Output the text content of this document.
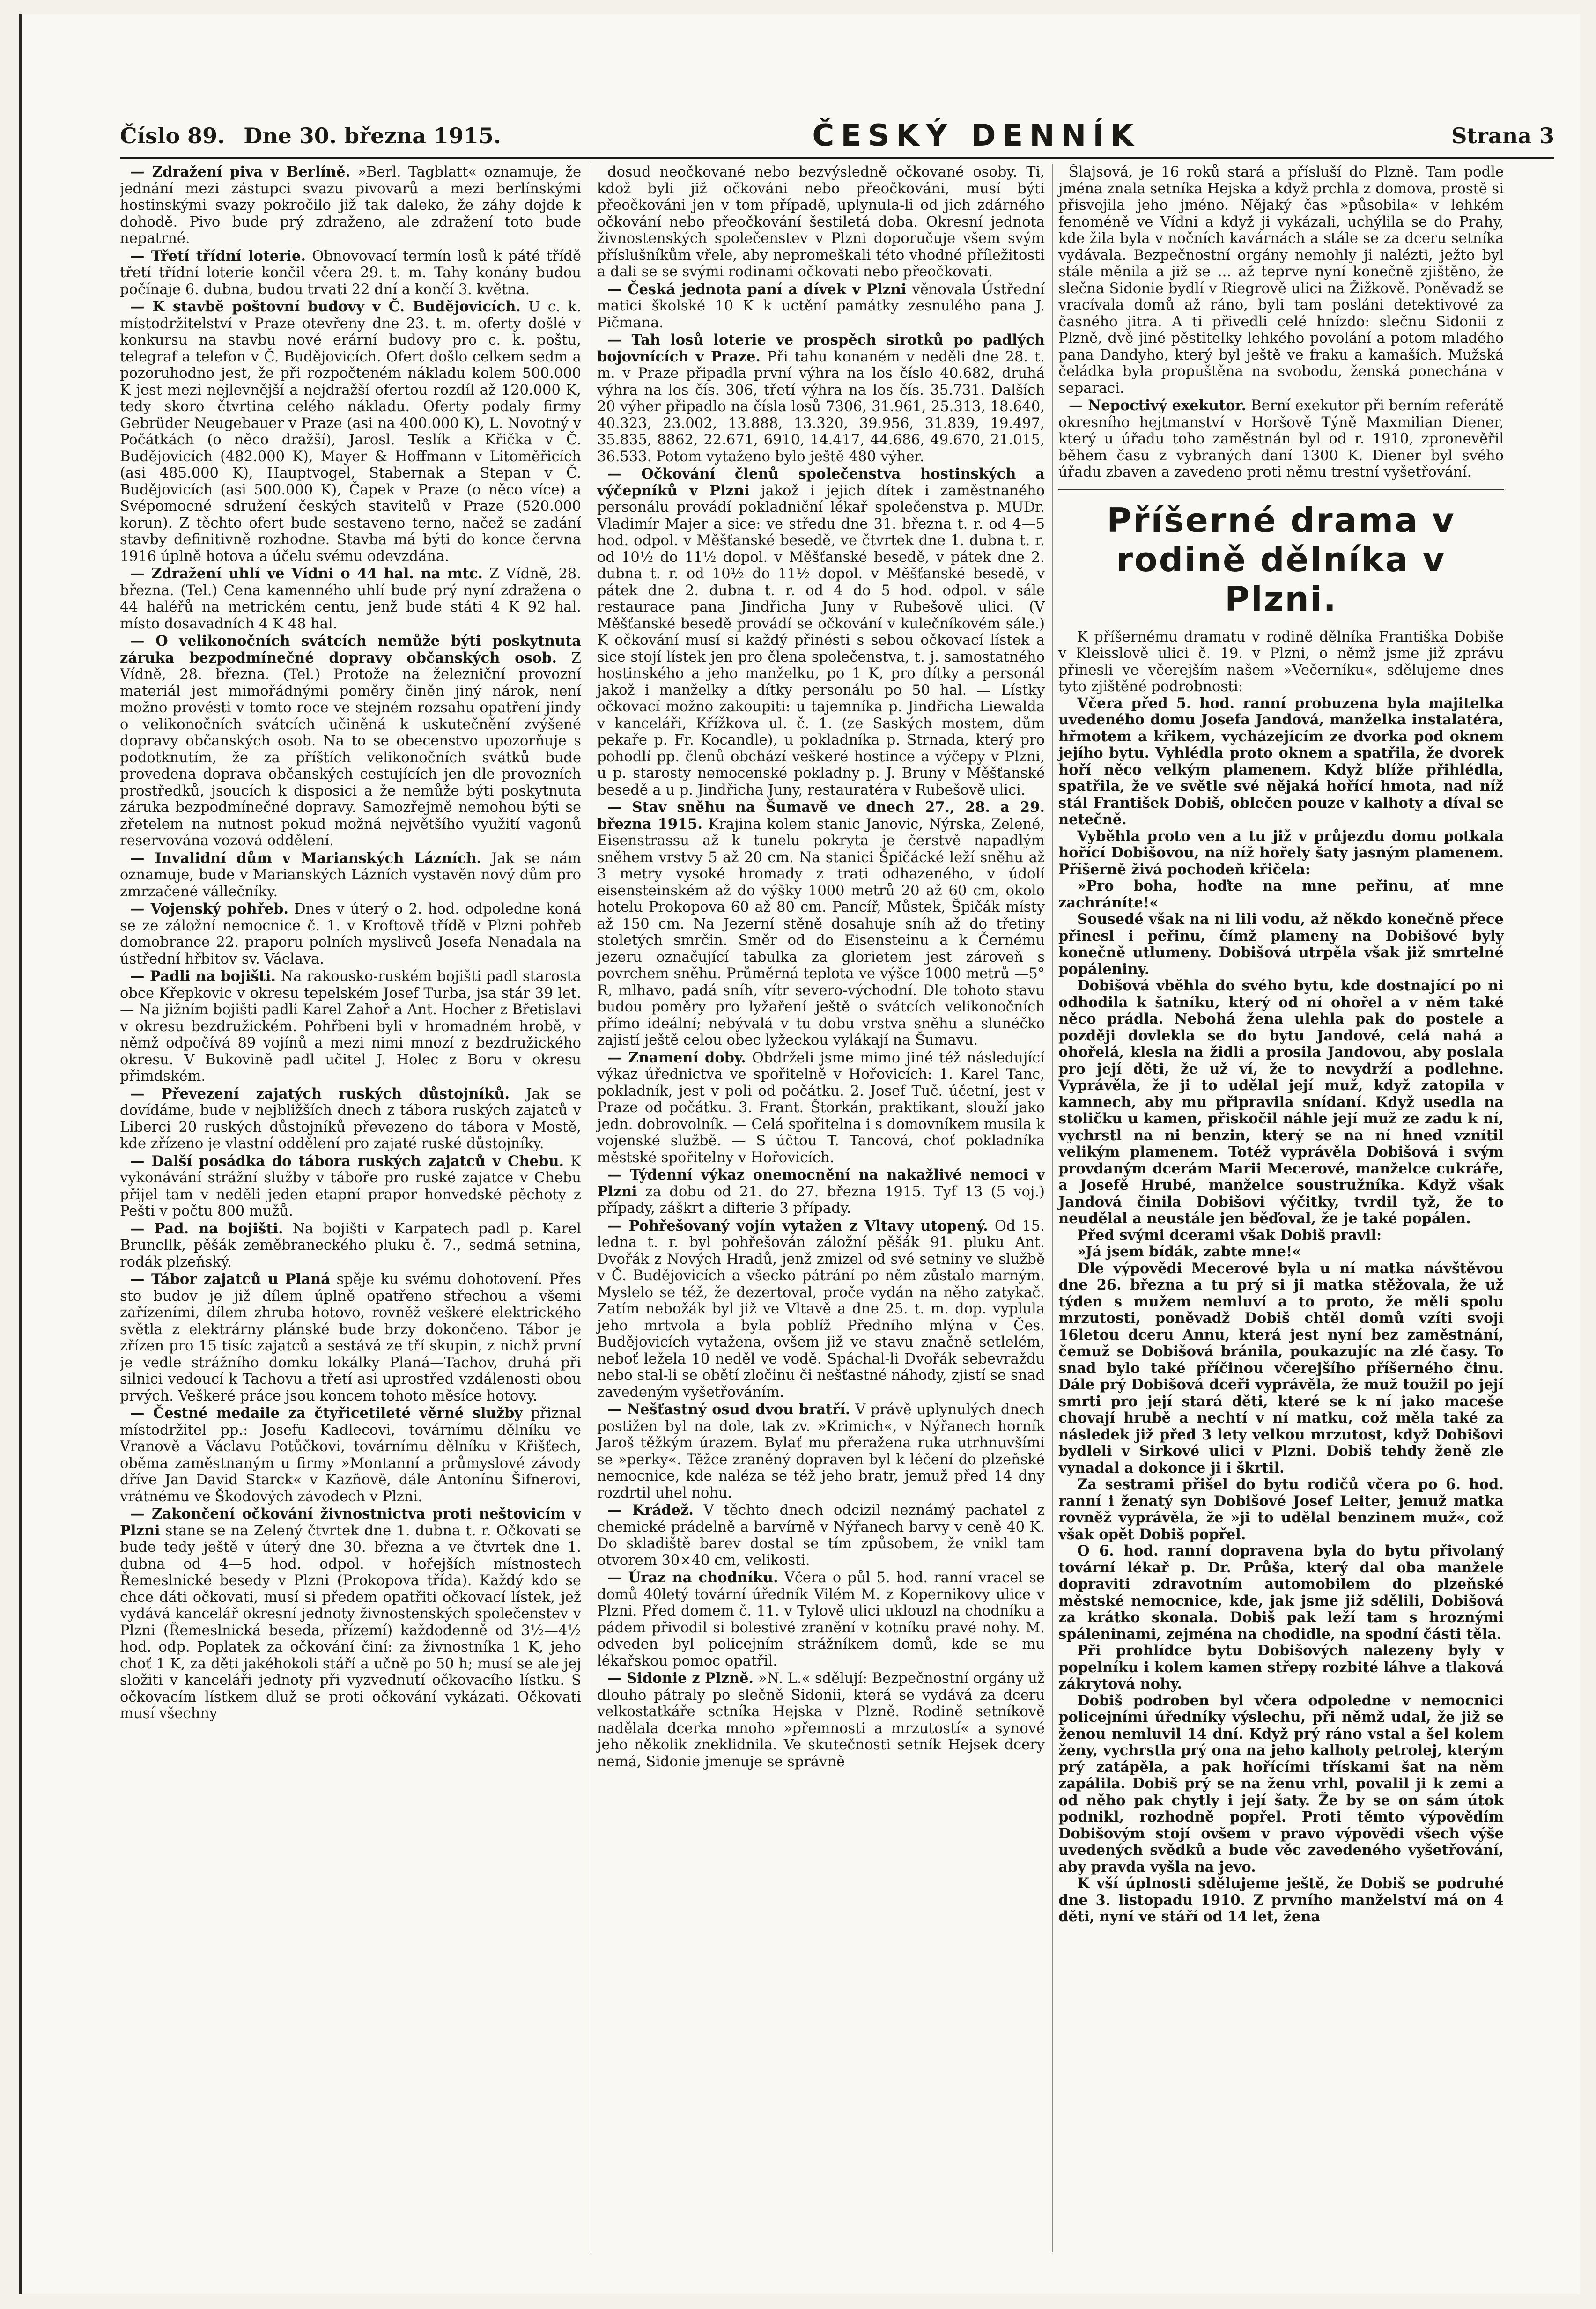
Číslo 89. Dne 30. března 1915.	ČESKÝ DENNÍK	Strana 3

— Zdražení piva v Berlíně. »Berl. Tagblatt« oznamuje, že jednání mezi zástupci svazu pivovarů a mezi berlínskými hostinskými svazy pokročilo již tak daleko, že záhy dojde k dohodě. Pivo bude prý zdraženo, ale zdražení toto bude nepatrné.

— Třetí třídní loterie. Obnovovací termín losů k páté třídě třetí třídní loterie končil včera 29. t. m. Tahy konány budou počínaje 6. dubna, budou trvati 22 dní a končí 3. května.

— K stavbě poštovní budovy v Č. Budějovicích. U c. k. místodržitelství v Praze otevřeny dne 23. t. m. oferty došlé v konkursu na stavbu nové erární budovy pro c. k. poštu, telegraf a telefon v Č. Budějovicích. Ofert došlo celkem sedm a pozoruhodno jest, že při rozpočteném nákladu kolem 500.000 K jest mezi nejlevnější a nejdražší ofertou rozdíl až 120.000 K, tedy skoro čtvrtina celého nákladu. Oferty podaly firmy Gebrüder Neugebauer v Praze (asi na 400.000 K), L. Novotný v Počátkách (o něco dražší), Jarosl. Teslík a Křička v Č. Budějovicích (482.000 K), Mayer & Hoffmann v Litoměřicích (asi 485.000 K), Hauptvogel, Stabernak a Stepan v Č. Budějovicích (asi 500.000 K), Čapek v Praze (o něco více) a Svépomocné sdružení českých stavitelů v Praze (520.000 korun). Z těchto ofert bude sestaveno terno, načež se zadání stavby definitivně rozhodne. Stavba má býti do konce června 1916 úplně hotova a účelu svému odevzdána.

— Zdražení uhlí ve Vídni o 44 hal. na mtc. Z Vídně, 28. března. (Tel.) Cena kamenného uhlí bude prý nyní zdražena o 44 haléřů na metrickém centu, jenž bude státi 4 K 92 hal. místo dosavadních 4 K 48 hal.

— O velikonočních svátcích nemůže býti poskytnuta záruka bezpodmínečné dopravy občanských osob. Z Vídně, 28. března. (Tel.) Protože na železniční provozní materiál jest mimořádnými poměry činěn jiný nárok, není možno provésti v tomto roce ve stejném rozsahu opatření jindy o velikonočních svátcích učiněná k uskutečnění zvýšené dopravy občanských osob. Na to se obecenstvo upozorňuje s podotknutím, že za příštích velikonočních svátků bude provedena doprava občanských cestujících jen dle provozních prostředků, jsoucích k disposici a že nemůže býti poskytnuta záruka bezpodmínečné dopravy. Samozřejmě nemohou býti se zřetelem na nutnost pokud možná největšího využití vagonů reservována vozová oddělení.

— Invalidní dům v Marianských Lázních. Jak se nám oznamuje, bude v Marianských Lázních vystavěn nový dům pro zmrzačené vállečníky.

— Vojenský pohřeb. Dnes v úterý o 2. hod. odpoledne koná se ze záložní nemocnice č. 1. v Kroftově třídě v Plzni pohřeb domobrance 22. praporu polních myslivců Josefa Nenadala na ústřední hřbitov sv. Václava.

— Padli na bojišti. Na rakousko-ruském bojišti padl starosta obce Křepkovic v okresu tepelském Josef Turba, jsa stár 39 let. — Na jižním bojišti padli Karel Zahoř a Ant. Hocher z Břetislavi v okresu bezdružickém. Pohřbeni byli v hromadném hrobě, v němž odpočívá 89 vojínů a mezi nimi mnozí z bezdružického okresu. V Bukovině padl učitel J. Holec z Boru v okresu přimdském.

— Převezení zajatých ruských důstojníků. Jak se dovídáme, bude v nejbližších dnech z tábora ruských zajatců v Liberci 20 ruských důstojníků převezeno do tábora v Mostě, kde zřízeno je vlastní oddělení pro zajaté ruské důstojníky.

— Další posádka do tábora ruských zajatců v Chebu. K vykonávání strážní služby v táboře pro ruské zajatce v Chebu přijel tam v neděli jeden etapní prapor honvedské pěchoty z Pešti v počtu 800 mužů.

— Pad. na bojišti. Na bojišti v Karpatech padl p. Karel Bruncllk, pěšák zeměbraneckého pluku č. 7., sedmá setnina, rodák plzeňský.

— Tábor zajatců u Planá spěje ku svému dohotovení. Přes sto budov je již dílem úplně opatřeno střechou a všemi zařízeními, dílem zhruba hotovo, rovněž veškeré elektrického světla z elektrárny plánské bude brzy dokončeno. Tábor je zřízen pro 15 tisíc zajatců a sestává ze tří skupin, z nichž první je vedle strážního domku lokálky Planá—Tachov, druhá při silnici vedoucí k Tachovu a třetí asi uprostřed vzdálenosti obou prvých. Veškeré práce jsou koncem tohoto měsíce hotovy.

— Čestné medaile za čtyřicetileté věrné služby přiznal místodržitel pp.: Josefu Kadlecovi, továrnímu dělníku ve Vranově a Václavu Potůčkovi, továrnímu dělníku v Křišťech, oběma zaměstnaným u firmy »Montanní a průmyslové závody dříve Jan David Starck« v Kazňově, dále Antonínu Šifnerovi, vrátnému ve Škodových závodech v Plzni.

— Zakončení očkování živnostnictva proti neštovicím v Plzni stane se na Zelený čtvrtek dne 1. dubna t. r. Očkovati se bude tedy ještě v úterý dne 30. března a ve čtvrtek dne 1. dubna od 4—5 hod. odpol. v hořejších místnostech Řemeslnické besedy v Plzni (Prokopova třída). Každý kdo se chce dáti očkovati, musí si předem opatřiti očkovací lístek, jež vydává kancelář okresní jednoty živnostenských společenstev v Plzni (Řemeslnická beseda, přízemí) každodenně od 3½—4½ hod. odp. Poplatek za očkování činí: za živnostníka 1 K, jeho choť 1 K, za děti jakéhokoli stáří a učně po 50 h; musí se ale jej složiti v kanceláři jednoty při vyzvednutí očkovacího lístku. S očkovacím lístkem dluž se proti očkování vykázati. Očkovati musí všechny

dosud neočkované nebo bezvýsledně očkované osoby. Ti, kdož byli již očkováni nebo přeočkováni, musí býti přeočkováni jen v tom případě, uplynula-li od jich zdárného očkování nebo přeočkování šestiletá doba. Okresní jednota živnostenských společenstev v Plzni doporučuje všem svým příslušníkům vřele, aby nepromeškali této vhodné příležitosti a dali se se svými rodinami očkovati nebo přeočkovati.

— Česká jednota paní a dívek v Plzni věnovala Ústřední matici školské 10 K k uctění památky zesnulého pana J. Pičmana.

— Tah losů loterie ve prospěch sirotků po padlých bojovnících v Praze. Při tahu konaném v neděli dne 28. t. m. v Praze připadla první výhra na los číslo 40.682, druhá výhra na los čís. 306, třetí výhra na los čís. 35.731. Dalších 20 výher připadlo na čísla losů 7306, 31.961, 25.313, 18.640, 40.323, 23.002, 13.888, 13.320, 39.956, 31.839, 19.497, 35.835, 8862, 22.671, 6910, 14.417, 44.686, 49.670, 21.015, 36.533. Potom vytaženo bylo ještě 480 výher.

— Očkování členů společenstva hostinských a výčepníků v Plzni jakož i jejich dítek i zaměstnaného personálu provádí pokladniční lékař společenstva p. MUDr. Vladimír Majer a sice: ve středu dne 31. března t. r. od 4—5 hod. odpol. v Měšťanské besedě, ve čtvrtek dne 1. dubna t. r. od 10½ do 11½ dopol. v Měšťanské besedě, v pátek dne 2. dubna t. r. od 10½ do 11½ dopol. v Měšťanské besedě, v pátek dne 2. dubna t. r. od 4 do 5 hod. odpol. v sále restaurace pana Jindřicha Juny v Rubešově ulici. (V Měšťanské besedě provádí se očkování v kulečníkovém sále.) K očkování musí si každý přinésti s sebou očkovací lístek a sice stojí lístek jen pro člena společenstva, t. j. samostatného hostinského a jeho manželku, po 1 K, pro dítky a personál jakož i manželky a dítky personálu po 50 hal. — Lístky očkovací možno zakoupiti: u tajemníka p. Jindřicha Liewalda v kanceláři, Křížkova ul. č. 1. (ze Saských mostem, dům pekaře p. Fr. Kocandle), u pokladníka p. Strnada, který pro pohodlí pp. členů obchází veškeré hostince a výčepy v Plzni, u p. starosty nemocenské pokladny p. J. Bruny v Měšťanské besedě a u p. Jindřicha Juny, restauratéra v Rubešově ulici.

— Stav sněhu na Šumavě ve dnech 27., 28. a 29. března 1915. Krajina kolem stanic Janovic, Nýrska, Zelené, Eisenstrassu až k tunelu pokryta je čerstvě napadlým sněhem vrstvy 5 až 20 cm. Na stanici Špičácké leží sněhu až 3 metry vysoké hromady z trati odhazeného, v údolí eisensteinském až do výšky 1000 metrů 20 až 60 cm, okolo hotelu Prokopova 60 až 80 cm. Pancíř, Můstek, Špičák místy až 150 cm. Na Jezerní stěně dosahuje sníh až do třetiny stoletých smrčin. Směr od do Eisensteinu a k Černému jezeru označující tabulka za glorietem jest zároveň s povrchem sněhu. Průměrná teplota ve výšce 1000 metrů —5° R, mlhavo, padá sníh, vítr severo-východní. Dle tohoto stavu budou poměry pro lyžaření ještě o svátcích velikonočních přímo ideální; nebývalá v tu dobu vrstva sněhu a slunéčko zajistí ještě celou obec lyžeckou vylákají na Šumavu.

— Znamení doby. Obdrželi jsme mimo jiné též následující výkaz úřednictva ve spořitelně v Hořovicích: 1. Karel Tanc, pokladník, jest v poli od počátku. 2. Josef Tuč. účetní, jest v Praze od počátku. 3. Frant. Štorkán, praktikant, slouží jako jedn. dobrovolník. — Celá spořitelna i s domovníkem musila k vojenské službě. — S účtou T. Tancová, choť pokladníka městské spořitelny v Hořovicích.

— Týdenní výkaz onemocnění na nakažlivé nemoci v Plzni za dobu od 21. do 27. března 1915. Tyf 13 (5 voj.) případy, záškrt a difterie 3 případy.

— Pohřešovaný vojín vytažen z Vltavy utopený. Od 15. ledna t. r. byl pohřešován záložní pěšák 91. pluku Ant. Dvořák z Nových Hradů, jenž zmizel od své setniny ve službě v Č. Budějovicích a všecko pátrání po něm zůstalo marným. Myslelo se též, že dezertoval, proče vydán na něho zatykač. Zatím nebožák byl již ve Vltavě a dne 25. t. m. dop. vyplula jeho mrtvola a byla poblíž Předního mlýna v Čes. Budějovicích vytažena, ovšem již ve stavu značně setlelém, neboť ležela 10 neděl ve vodě. Spáchal-li Dvořák sebevraždu nebo stal-li se obětí zločinu či nešťastné náhody, zjistí se snad zavedeným vyšetřováním.

— Nešťastný osud dvou bratří. V právě uplynulých dnech postižen byl na dole, tak zv. »Krimich«, v Nýřanech horník Jaroš těžkým úrazem. Bylať mu přeražena ruka utrhnuvšími se »perky«. Těžce zraněný dopraven byl k léčení do plzeňské nemocnice, kde naléza se též jeho bratr, jemuž před 14 dny rozdrtil uhel nohu.

— Krádež. V těchto dnech odcizil neznámý pachatel z chemické prádelně a barvírně v Nýřanech barvy v ceně 40 K. Do skladiště barev dostal se tím způsobem, že vnikl tam otvorem 30×40 cm, velikosti.

— Úraz na chodníku. Včera o půl 5. hod. ranní vracel se domů 40letý tovární úředník Vilém M. z Kopernikovy ulice v Plzni. Před domem č. 11. v Tylově ulici uklouzl na chodníku a pádem přivodil si bolestivé zranění v kotníku pravé nohy. M. odveden byl policejním strážníkem domů, kde se mu lékařskou pomoc opatřil.

— Sidonie z Plzně. »N. L.« sdělují: Bezpečnostní orgány už dlouho pátraly po slečně Sidonii, která se vydává za dceru velkostatkáře sctníka Hejska v Plzně. Rodině setníkově nadělala dcerka mnoho »přemnosti a mrzutostí« a synové jeho několik zneklidnila. Ve skutečnosti setník Hejsek dcery nemá, Sidonie jmenuje se správně

Šlajsová, je 16 roků stará a přísluší do Plzně. Tam podle jména znala setníka Hejska a když prchla z domova, prostě si přisvojila jeho jméno. Nějaký čas »působila« v lehkém fenoméně ve Vídni a když ji vykázali, uchýlila se do Prahy, kde žila byla v nočních kavárnách a stále se za dceru setníka vydávala. Bezpečnostní orgány nemohly ji nalézti, ježto byl stále měnila a již se ... až teprve nyní konečně zjištěno, že slečna Sidonie bydlí v Riegrově ulici na Žižkově. Poněvadž se vracívala domů až ráno, byli tam posláni detektivové za časného jitra. A ti přivedli celé hnízdo: slečnu Sidonii z Plzně, dvě jiné pěstitelky lehkého povolání a potom mladého pana Dandyho, který byl ještě ve fraku a kamaších. Mužská čeládka byla propuštěna na svobodu, ženská ponechána v separaci.

— Nepoctivý exekutor. Berní exekutor při berním referátě okresního hejtmanství v Horšově Týně Maxmilian Diener, který u úřadu toho zaměstnán byl od r. 1910, zpronevěřil během času z vybraných daní 1300 K. Diener byl svého úřadu zbaven a zavedeno proti němu trestní vyšetřování.

Příšerné drama v rodině dělníka v Plzni.

K příšernému dramatu v rodině dělníka Františka Dobiše v Kleisslově ulici č. 19. v Plzni, o němž jsme již zprávu přinesli ve včerejším našem »Večerníku«, sdělujeme dnes tyto zjištěné podrobnosti:

Včera před 5. hod. ranní probuzena byla majitelka uvedeného domu Josefa Jandová, manželka instalatéra, hřmotem a křikem, vycházejícím ze dvorka pod oknem jejího bytu. Vyhlédla proto oknem a spatřila, že dvorek hoří něco velkým plamenem. Když blíže přihlédla, spatřila, že ve světle své nějaká hořící hmota, nad níž stál František Dobiš, oblečen pouze v kalhoty a díval se netečně.

Vyběhla proto ven a tu již v průjezdu domu potkala hořící Dobišovou, na níž hořely šaty jasným plamenem. Příšerně živá pochodeň křičela:

»Pro boha, hoďte na mne peřinu, ať mne zachráníte!«

Sousedé však na ni lili vodu, až někdo konečně přece přinesl i peřinu, čímž plameny na Dobišové byly konečně utlumeny. Dobišová utrpěla však již smrtelné popáleniny.

Dobišová vběhla do svého bytu, kde dostnající po ni odhodila k šatníku, který od ní ohořel a v něm také něco prádla. Nebohá žena ulehla pak do postele a později dovlekla se do bytu Jandové, celá nahá a ohořelá, klesla na židli a prosila Jandovou, aby poslala pro její děti, že už ví, že to nevydrží a podlehne. Vyprávěla, že ji to udělal její muž, když zatopila v kamnech, aby mu připravila snídaní. Když usedla na stoličku u kamen, přiskočil náhle její muž ze zadu k ní, vychrstl na ni benzin, který se na ní hned vznítil velikým plamenem. Totéž vyprávěla Dobišová i svým provdaným dcerám Marii Mecerové, manželce cukráře, a Josefě Hrubé, manželce soustružníka. Když však Jandová činila Dobišovi výčitky, tvrdil tyž, že to neudělal a neustále jen běďoval, že je také popálen.

Před svými dcerami však Dobiš pravil:

»Já jsem bídák, zabte mne!«

Dle výpovědi Mecerové byla u ní matka návštěvou dne 26. března a tu prý si ji matka stěžovala, že už týden s mužem nemluví a to proto, že měli spolu mrzutosti, poněvadž Dobiš chtěl domů vzíti svoji 16letou dceru Annu, která jest nyní bez zaměstnání, čemuž se Dobišová bránila, poukazujíc na zlé časy. To snad bylo také příčinou včerejšího příšerného činu. Dále prý Dobišová dceři vyprávěla, že muž toužil po její smrti pro její stará děti, které se k ní jako macešе chovají hrubě a nechtí v ní matku, což měla také za následek již před 3 lety velkou mrzutost, když Dobišovi bydleli v Sirkové ulici v Plzni. Dobiš tehdy ženě zle vynadal a dokonce ji i škrtil.

Za sestrami přišel do bytu rodičů včera po 6. hod. ranní i ženatý syn Dobišové Josef Leiter, jemuž matka rovněž vyprávěla, že »ji to udělal benzinem muž«, což však opět Dobiš popřel.

O 6. hod. ranní dopravena byla do bytu přivolaný tovární lékař p. Dr. Průša, který dal oba manžele dopraviti zdravotním automobilem do plzeňské městské nemocnice, kde, jak jsme již sdělili, Dobišová za krátko skonala. Dobiš pak leží tam s hroznými spáleninami, zejména na chodidle, na spodní části těla.

Při prohlídce bytu Dobišových nalezeny byly v popelníku i kolem kamen střepy rozbité láhve a tlaková zákrytová nohy.

Dobiš podroben byl včera odpoledne v nemocnici policejními úředníky výslechu, při němž udal, že již se ženou nemluvil 14 dní. Když prý ráno vstal a šel kolem ženy, vychrstla prý ona na jeho kalhoty petrolej, kterým prý zatápěla, a pak hořícími třískami šat na něm zapálila. Dobiš prý se na ženu vrhl, povalil ji k zemi a od něho pak chytly i její šaty. Že by se on sám útok podnikl, rozhodně popřel. Proti těmto výpovědím Dobišovým stojí ovšem v pravo výpovědi všech výše uvedených svědků a bude věc zavedeného vyšetřování, aby pravda vyšla na jevo.

K vší úplnosti sdělujeme ještě, že Dobiš se podruhé dne 3. listopadu 1910. Z prvního manželství má on 4 děti, nyní ve stáří od 14 let, žena
